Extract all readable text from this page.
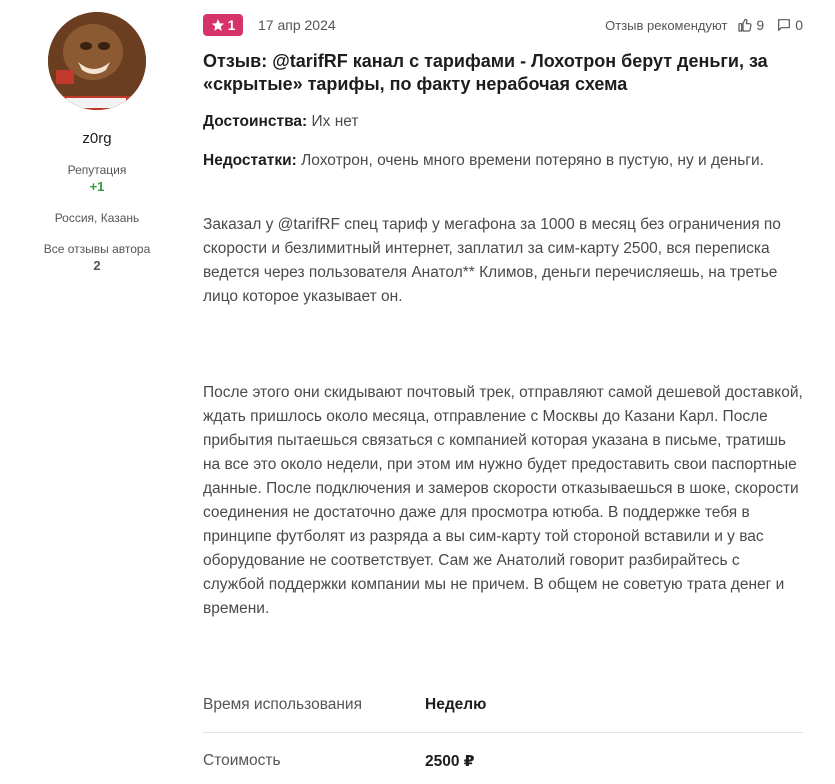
z0rg
Репутация
+1
Россия, Казань
Все отзывы автора
2
1 17 апр 2024	Отзыв рекомендуют 9 0
Отзыв: @tarifRF канал с тарифами - Лохотрон берут деньги, за «скрытые» тарифы, по факту нерабочая схема
Достоинства: Их нет
Недостатки: Лохотрон, очень много времени потеряно в пустую, ну и деньги.
Заказал у @tarifRF спец тариф у мегафона за 1000 в месяц без ограничения по скорости и безлимитный интернет, заплатил за сим-карту 2500, вся переписка ведется через пользователя Анатол** Климов, деньги перечисляешь, на третье лицо которое указывает он.
После этого они скидывают почтовый трек, отправляют самой дешевой доставкой, ждать пришлось около месяца, отправление с Москвы до Казани Карл. После прибытия пытаешься связаться с компанией которая указана в письме, тратишь на все это около недели, при этом им нужно будет предоставить свои паспортные данные. После подключения и замеров скорости отказываешься в шоке, скорости соединения не достаточно даже для просмотра ютюба. В поддержке тебя в принципе футболят из разряда а вы сим-карту той стороной вставили и у вас оборудование не соответствует. Сам же Анатолий говорит разбирайтесь с службой поддержки компании мы не причем. В общем не советую трата денег и времени.
Время использования	Неделю
Стоимость	2500 ₽
